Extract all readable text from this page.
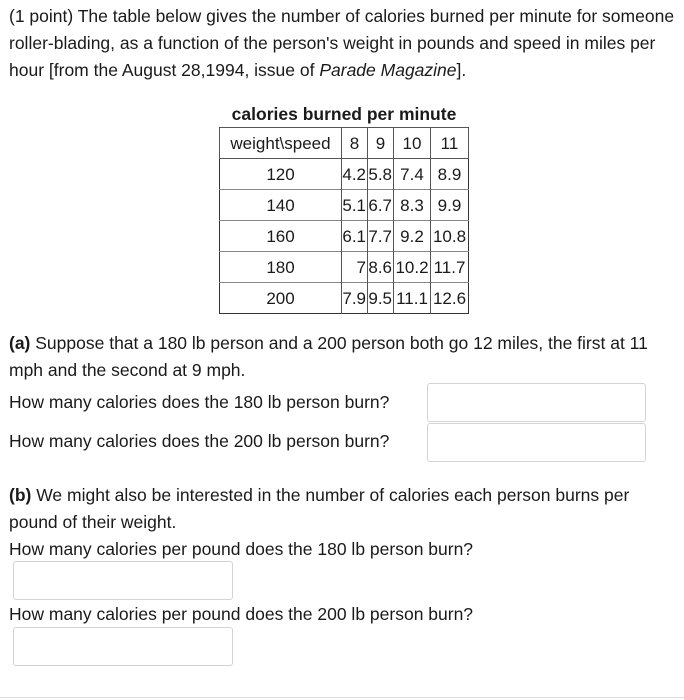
(1 point) The table below gives the number of calories burned per minute for someone roller-blading, as a function of the person's weight in pounds and speed in miles per hour [from the August 28,1994, issue of Parade Magazine].

calories burned per minute
weight\speed	8	9	10	11
120	4.2	5.8	7.4	8.9
140	5.1	6.7	8.3	9.9
160	6.1	7.7	9.2	10.8
180	7	8.6	10.2	11.7
200	7.9	9.5	11.1	12.6

(a) Suppose that a 180 lb person and a 200 person both go 12 miles, the first at 11 mph and the second at 9 mph.

How many calories does the 180 lb person burn?
How many calories does the 200 lb person burn?

(b) We might also be interested in the number of calories each person burns per pound of their weight.

How many calories per pound does the 180 lb person burn?
How many calories per pound does the 200 lb person burn?
